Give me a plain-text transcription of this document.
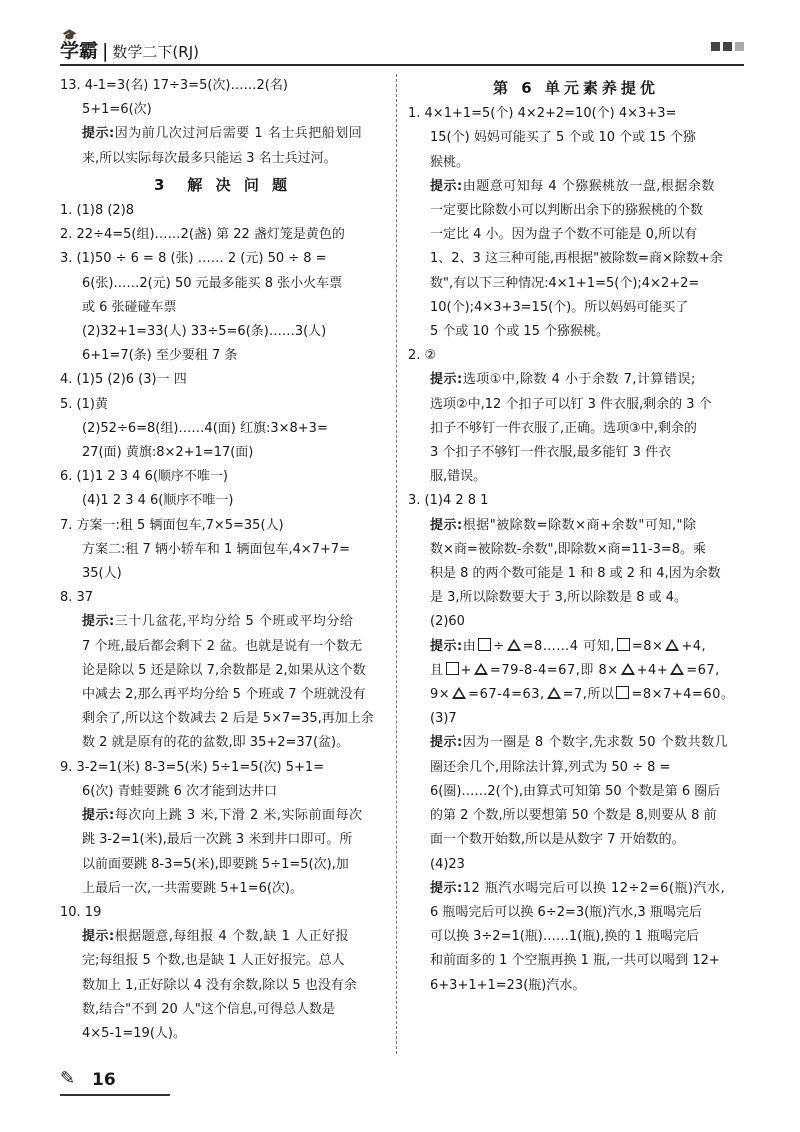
🎓
学霸 | 数学二下(RJ)

13. 4-1=3(名) 17÷3=5(次)……2(名)

5+1=6(次)

提示:因为前几次过河后需要 1 名士兵把船划回

来,所以实际每次最多只能运 3 名士兵过河。

3　解 决 问 题

1. (1)8 (2)8

2. 22÷4=5(组)……2(盏) 第 22 盏灯笼是黄色的

3. (1)50 ÷ 6 = 8 (张) …… 2 (元) 50 ÷ 8 =

6(张)……2(元) 50 元最多能买 8 张小火车票

或 6 张碰碰车票

(2)32+1=33(人) 33÷5=6(条)……3(人)

6+1=7(条) 至少要租 7 条

4. (1)5 (2)6 (3)一 四

5. (1)黄

(2)52÷6=8(组)……4(面) 红旗:3×8+3=

27(面) 黄旗:8×2+1=17(面)

6. (1)1 2 3 4 6(顺序不唯一)

(4)1 2 3 4 6(顺序不唯一)

7. 方案一:租 5 辆面包车,7×5=35(人)

方案二:租 7 辆小轿车和 1 辆面包车,4×7+7=

35(人)

8. 37

提示:三十几盆花,平均分给 5 个班或平均分给

7 个班,最后都会剩下 2 盆。也就是说有一个数无

论是除以 5 还是除以 7,余数都是 2,如果从这个数

中减去 2,那么再平均分给 5 个班或 7 个班就没有

剩余了,所以这个数减去 2 后是 5×7=35,再加上余

数 2 就是原有的花的盆数,即 35+2=37(盆)。

9. 3-2=1(米) 8-3=5(米) 5÷1=5(次) 5+1=

6(次) 青蛙要跳 6 次才能到达井口

提示:每次向上跳 3 米,下滑 2 米,实际前面每次

跳 3-2=1(米),最后一次跳 3 米到井口即可。所

以前面要跳 8-3=5(米),即要跳 5÷1=5(次),加

上最后一次,一共需要跳 5+1=6(次)。

10. 19

提示:根据题意,每组报 4 个数,缺 1 人正好报

完;每组报 5 个数,也是缺 1 人正好报完。总人

数加上 1,正好除以 4 没有余数,除以 5 也没有余

数,结合"不到 20 人"这个信息,可得总人数是

4×5-1=19(人)。

第 6 单元素养提优

1. 4×1+1=5(个) 4×2+2=10(个) 4×3+3=

15(个) 妈妈可能买了 5 个或 10 个或 15 个猕

猴桃。

提示:由题意可知每 4 个猕猴桃放一盘,根据余数

一定要比除数小可以判断出余下的猕猴桃的个数

一定比 4 小。因为盘子个数不可能是 0,所以有

1、2、3 这三种可能,再根据"被除数=商×除数+余

数",有以下三种情况:4×1+1=5(个);4×2+2=

10(个);4×3+3=15(个)。所以妈妈可能买了

5 个或 10 个或 15 个猕猴桃。

2. ②

提示:选项①中,除数 4 小于余数 7,计算错误;

选项②中,12 个扣子可以钉 3 件衣服,剩余的 3 个

扣子不够钉一件衣服了,正确。选项③中,剩余的

3 个扣子不够钉一件衣服,最多能钉 3 件衣

服,错误。

3. (1)4 2 8 1

提示:根据"被除数=除数×商+余数"可知,"除

数×商=被除数-余数",即除数×商=11-3=8。乘

积是 8 的两个数可能是 1 和 8 或 2 和 4,因为余数

是 3,所以除数要大于 3,所以除数是 8 或 4。

(2)60

提示:由 ÷ =8……4 可知, =8× +4,

且 + =79-8-4=67,即 8× +4+ =67,

9× =67-4=63, =7,所以 =8×7+4=60。

(3)7

提示:因为一圈是 8 个数字,先求数 50 个数共数几

圈还余几个,用除法计算,列式为 50 ÷ 8 =

6(圈)……2(个),由算式可知第 50 个数是第 6 圈后

的第 2 个数,所以要想第 50 个数是 8,则要从 8 前

面一个数开始数,所以是从数字 7 开始数的。

(4)23

提示:12 瓶汽水喝完后可以换 12÷2=6(瓶)汽水,

6 瓶喝完后可以换 6÷2=3(瓶)汽水,3 瓶喝完后

可以换 3÷2=1(瓶)……1(瓶),换的 1 瓶喝完后

和前面多的 1 个空瓶再换 1 瓶,一共可以喝到 12+

6+3+1+1=23(瓶)汽水。

✎ 16
